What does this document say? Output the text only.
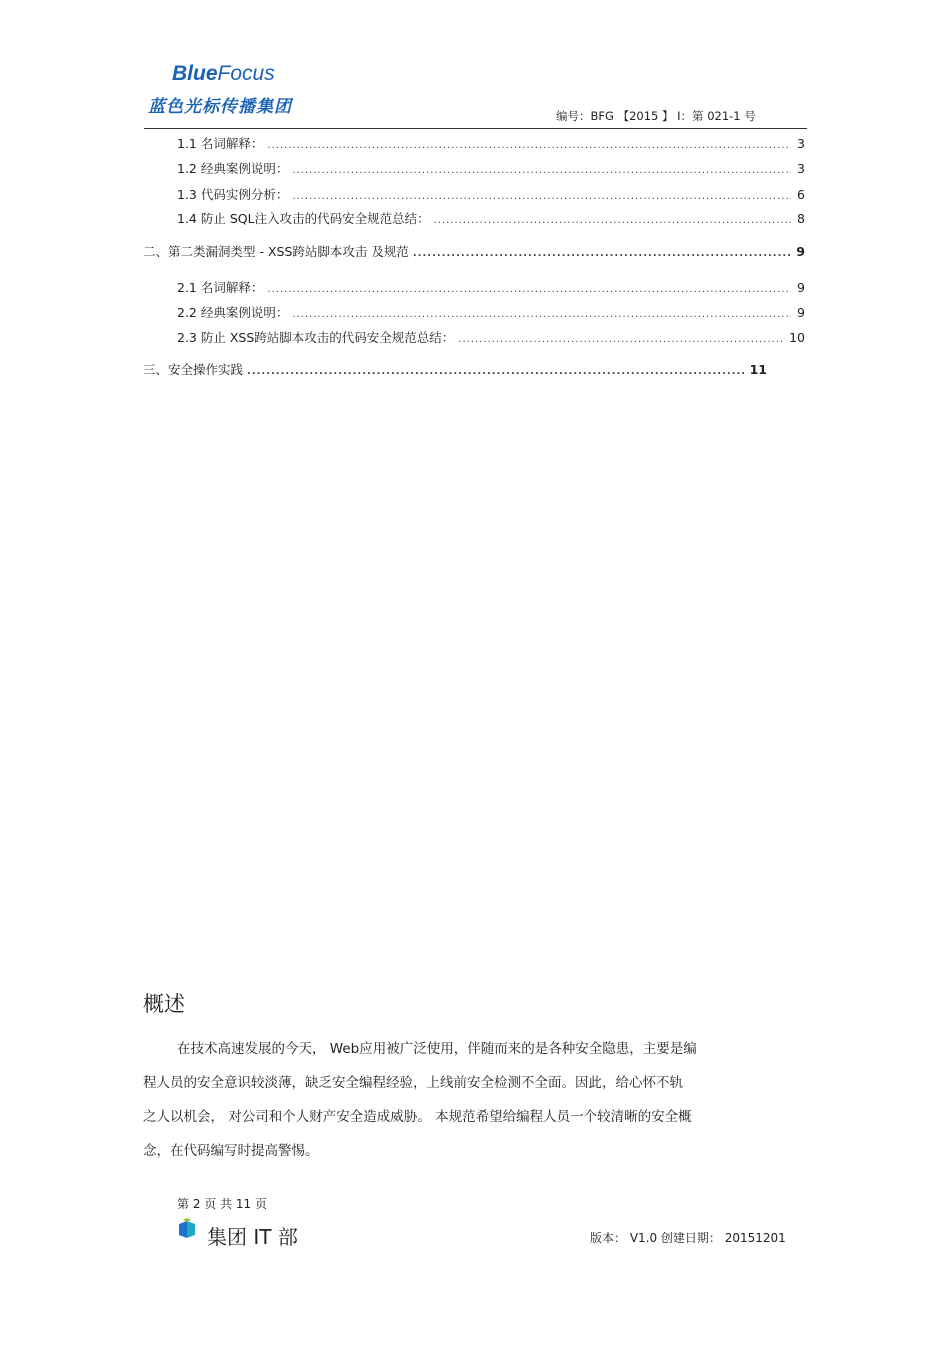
BlueFocus
蓝色光标传播集团	编号：BFG 【2015 】 I：第 021-1 号
1.1 名词解释： .....	3
1.2 经典案例说明： .....	3
1.3 代码实例分析： .....	6
1.4 防止 SQL注入攻击的代码安全规范总结： .....	8
二、第二类漏洞类型 - XSS跨站脚本攻击 及规范 .....	9
2.1 名词解释： .....	9
2.2 经典案例说明： .....	9
2.3 防止 XSS跨站脚本攻击的代码安全规范总结： .....	10
三、安全操作实践 .....	11
概述

在技术高速发展的今天， Web应用被广泛使用，伴随而来的是各种安全隐患，主要是编

程人员的安全意识较淡薄，缺乏安全编程经验，上线前安全检测不全面。因此，给心怀不轨

之人以机会， 对公司和个人财产安全造成威胁。 本规范希望给编程人员一个较清晰的安全概

念，在代码编写时提高警惕。

第 2 页 共 11 页
集团 IT 部	版本： V1.0 创建日期： 20151201
